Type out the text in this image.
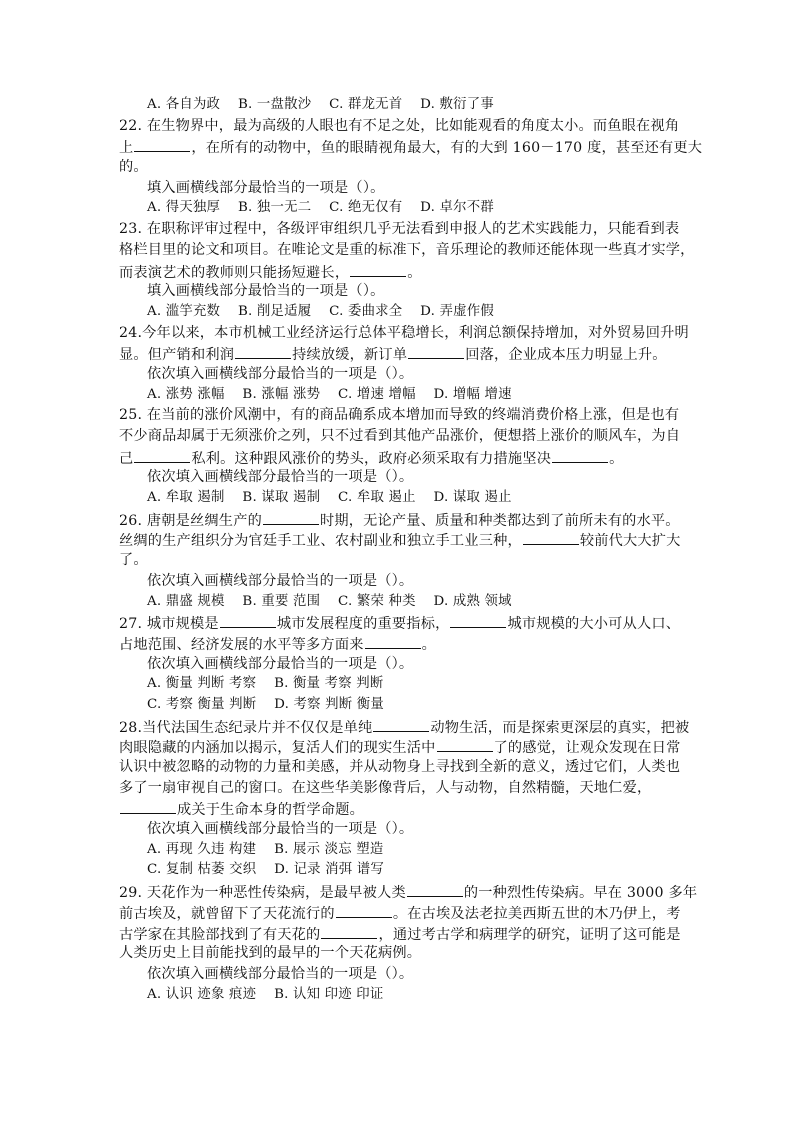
A. 各自为政    B. 一盘散沙    C. 群龙无首    D. 敷衍了事
22. 在生物界中，最为高级的人眼也有不足之处，比如能观看的角度太小。而鱼眼在视角
上	，在所有的动物中，鱼的眼睛视角最大，有的大到 160－170 度，甚至还有更大
的。
填入画横线部分最恰当的一项是（）。
A. 得天独厚    B. 独一无二    C. 绝无仅有    D. 卓尔不群
23. 在职称评审过程中，各级评审组织几乎无法看到申报人的艺术实践能力，只能看到表
格栏目里的论文和项目。在唯论文是重的标准下，音乐理论的教师还能体现一些真才实学，
而表演艺术的教师则只能扬短避长，	。
填入画横线部分最恰当的一项是（）。
A. 滥竽充数    B. 削足适履    C. 委曲求全    D. 弄虚作假
24.今年以来，本市机械工业经济运行总体平稳增长，利润总额保持增加，对外贸易回升明
显。但产销和利润	持续放缓，新订单	回落，企业成本压力明显上升。
依次填入画横线部分最恰当的一项是（）。
A. 涨势 涨幅    B. 涨幅 涨势    C. 增速 增幅    D. 增幅 增速
25. 在当前的涨价风潮中，有的商品确系成本增加而导致的终端消费价格上涨，但是也有
不少商品却属于无须涨价之列，只不过看到其他产品涨价，便想搭上涨价的顺风车，为自
己	私利。这种跟风涨价的势头，政府必须采取有力措施坚决	。
依次填入画横线部分最恰当的一项是（）。
A. 牟取 遏制    B. 谋取 遏制    C. 牟取 遏止    D. 谋取 遏止
26. 唐朝是丝绸生产的	时期，无论产量、质量和种类都达到了前所未有的水平。
丝绸的生产组织分为官廷手工业、农村副业和独立手工业三种，	较前代大大扩大
了。
依次填入画横线部分最恰当的一项是（）。
A. 鼎盛 规模    B. 重要 范围    C. 繁荣 种类    D. 成熟 领域
27. 城市规模是	城市发展程度的重要指标，	城市规模的大小可从人口、
占地范围、经济发展的水平等多方面来	。
依次填入画横线部分最恰当的一项是（）。
A. 衡量 判断 考察    B. 衡量 考察 判断
C. 考察 衡量 判断    D. 考察 判断 衡量
28.当代法国生态纪录片并不仅仅是单纯	动物生活，而是探索更深层的真实，把被
肉眼隐藏的内涵加以揭示，复活人们的现实生活中	了的感觉，让观众发现在日常
认识中被忽略的动物的力量和美感，并从动物身上寻找到全新的意义，透过它们，人类也
多了一扇审视自己的窗口。在这些华美影像背后，人与动物，自然精髓，天地仁爱，
成关于生命本身的哲学命题。
依次填入画横线部分最恰当的一项是（）。
A. 再现 久违 构建    B. 展示 淡忘 塑造
C. 复制 枯萎 交织    D. 记录 消弭 谱写
29. 天花作为一种恶性传染病，是最早被人类	的一种烈性传染病。早在 3000 多年
前古埃及，就曾留下了天花流行的	。在古埃及法老拉美西斯五世的木乃伊上，考
古学家在其脸部找到了有天花的	，通过考古学和病理学的研究，证明了这可能是
人类历史上目前能找到的最早的一个天花病例。
依次填入画横线部分最恰当的一项是（）。
A. 认识 迹象 痕迹    B. 认知 印迹 印证
